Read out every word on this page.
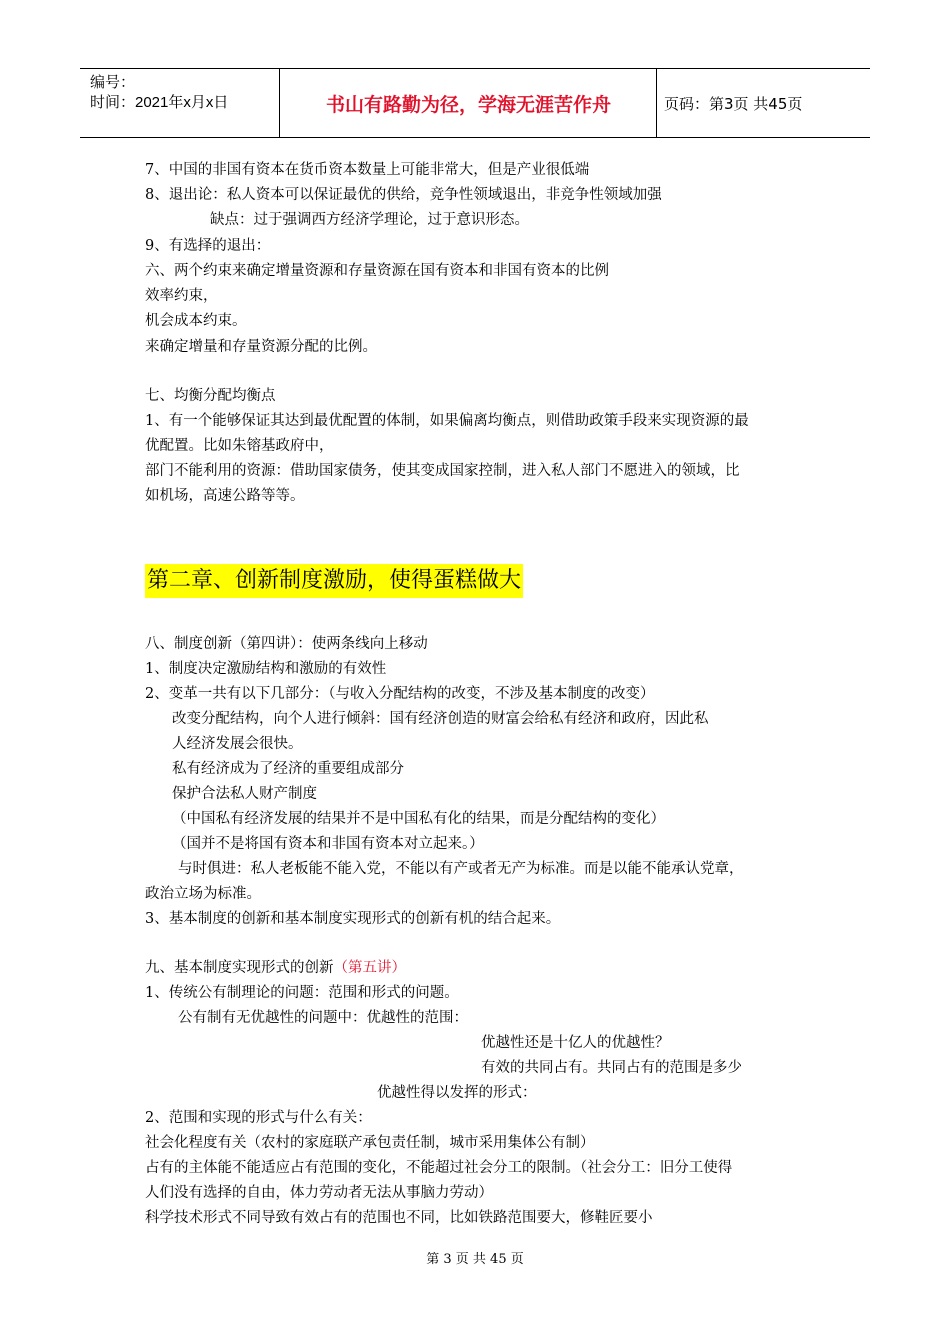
编号：
时间：2021年x月x日	书山有路勤为径，学海无涯苦作舟	页码：第3页 共45页
7、中国的非国有资本在货币资本数量上可能非常大，但是产业很低端
8、退出论：私人资本可以保证最优的供给，竞争性领域退出，非竞争性领域加强
缺点：过于强调西方经济学理论，过于意识形态。
9、有选择的退出：
六、两个约束来确定增量资源和存量资源在国有资本和非国有资本的比例
效率约束，
机会成本约束。
来确定增量和存量资源分配的比例。
七、均衡分配均衡点
1、有一个能够保证其达到最优配置的体制，如果偏离均衡点，则借助政策手段来实现资源的最
优配置。比如朱镕基政府中，
部门不能利用的资源：借助国家债务，使其变成国家控制，进入私人部门不愿进入的领域，比
如机场，高速公路等等。
第二章、创新制度激励，使得蛋糕做大
八、制度创新（第四讲）：使两条线向上移动
1、制度决定激励结构和激励的有效性
2、变革一共有以下几部分：（与收入分配结构的改变，不涉及基本制度的改变）
改变分配结构，向个人进行倾斜：国有经济创造的财富会给私有经济和政府，因此私
人经济发展会很快。
私有经济成为了经济的重要组成部分
保护合法私人财产制度
（中国私有经济发展的结果并不是中国私有化的结果，而是分配结构的变化）
（国并不是将国有资本和非国有资本对立起来。）
与时俱进：私人老板能不能入党，不能以有产或者无产为标准。而是以能不能承认党章，
政治立场为标准。
3、基本制度的创新和基本制度实现形式的创新有机的结合起来。
九、基本制度实现形式的创新（第五讲）
1、传统公有制理论的问题：范围和形式的问题。
公有制有无优越性的问题中：优越性的范围：
优越性还是十亿人的优越性？
有效的共同占有。共同占有的范围是多少
优越性得以发挥的形式：
2、范围和实现的形式与什么有关：
社会化程度有关（农村的家庭联产承包责任制，城市采用集体公有制）
占有的主体能不能适应占有范围的变化，不能超过社会分工的限制。（社会分工：旧分工使得
人们没有选择的自由，体力劳动者无法从事脑力劳动）
科学技术形式不同导致有效占有的范围也不同，比如铁路范围要大，修鞋匠要小
第 3 页 共 45 页
